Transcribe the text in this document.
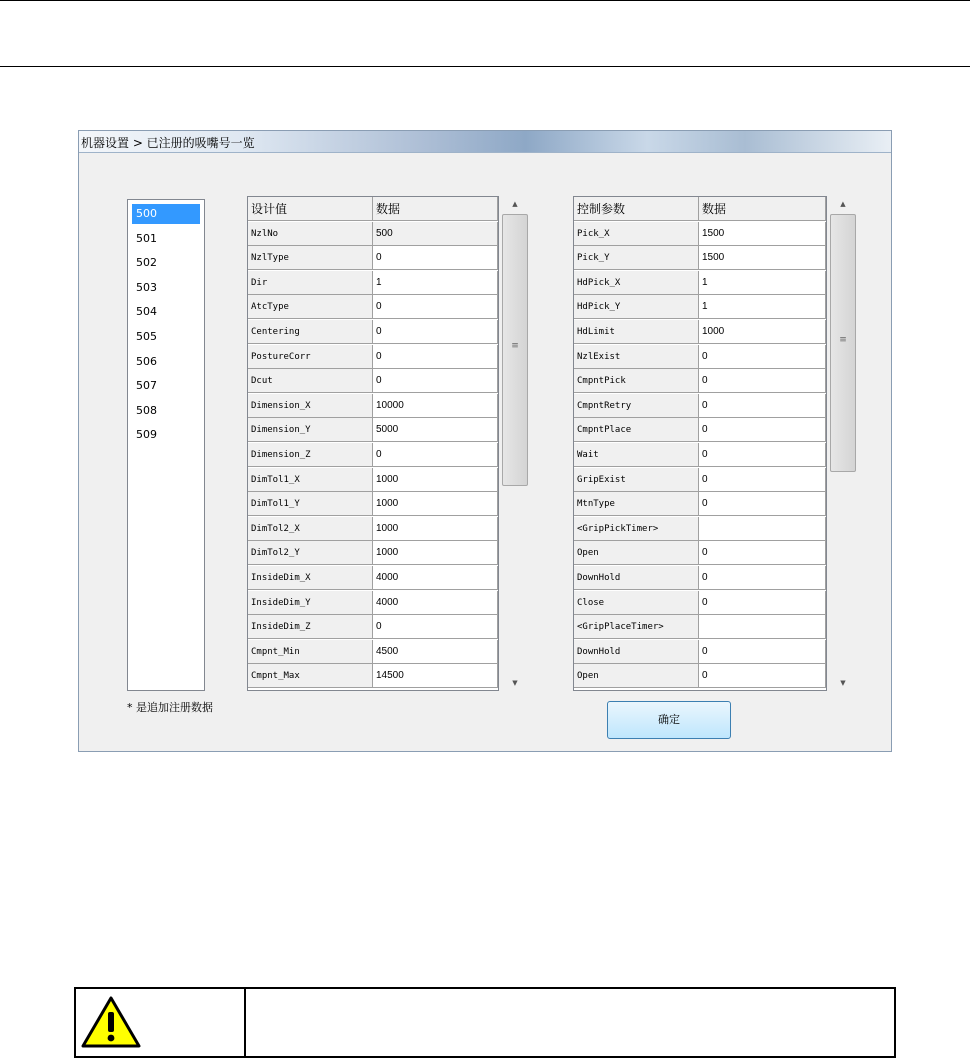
机器设置 > 已注册的吸嘴号一览
500
501
502
503
504
505
506
507
508
509
设计值	数据
NzlNo	500
NzlType	0
Dir	1
AtcType	0
Centering	0
PostureCorr	0
Dcut	0
Dimension_X	10000
Dimension_Y	5000
Dimension_Z	0
DimTol1_X	1000
DimTol1_Y	1000
DimTol2_X	1000
DimTol2_Y	1000
InsideDim_X	4000
InsideDim_Y	4000
InsideDim_Z	0
Cmpnt_Min	4500
Cmpnt_Max	14500
▲
≡
▼
控制参数	数据
Pick_X	1500
Pick_Y	1500
HdPick_X	1
HdPick_Y	1
HdLimit	1000
NzlExist	0
CmpntPick	0
CmpntRetry	0
CmpntPlace	0
Wait	0
GripExist	0
MtnType	0
<GripPickTimer>
Open	0
DownHold	0
Close	0
<GripPlaceTimer>
DownHold	0
Open	0
▲
≡
▼
* 是追加注册数据
确定
